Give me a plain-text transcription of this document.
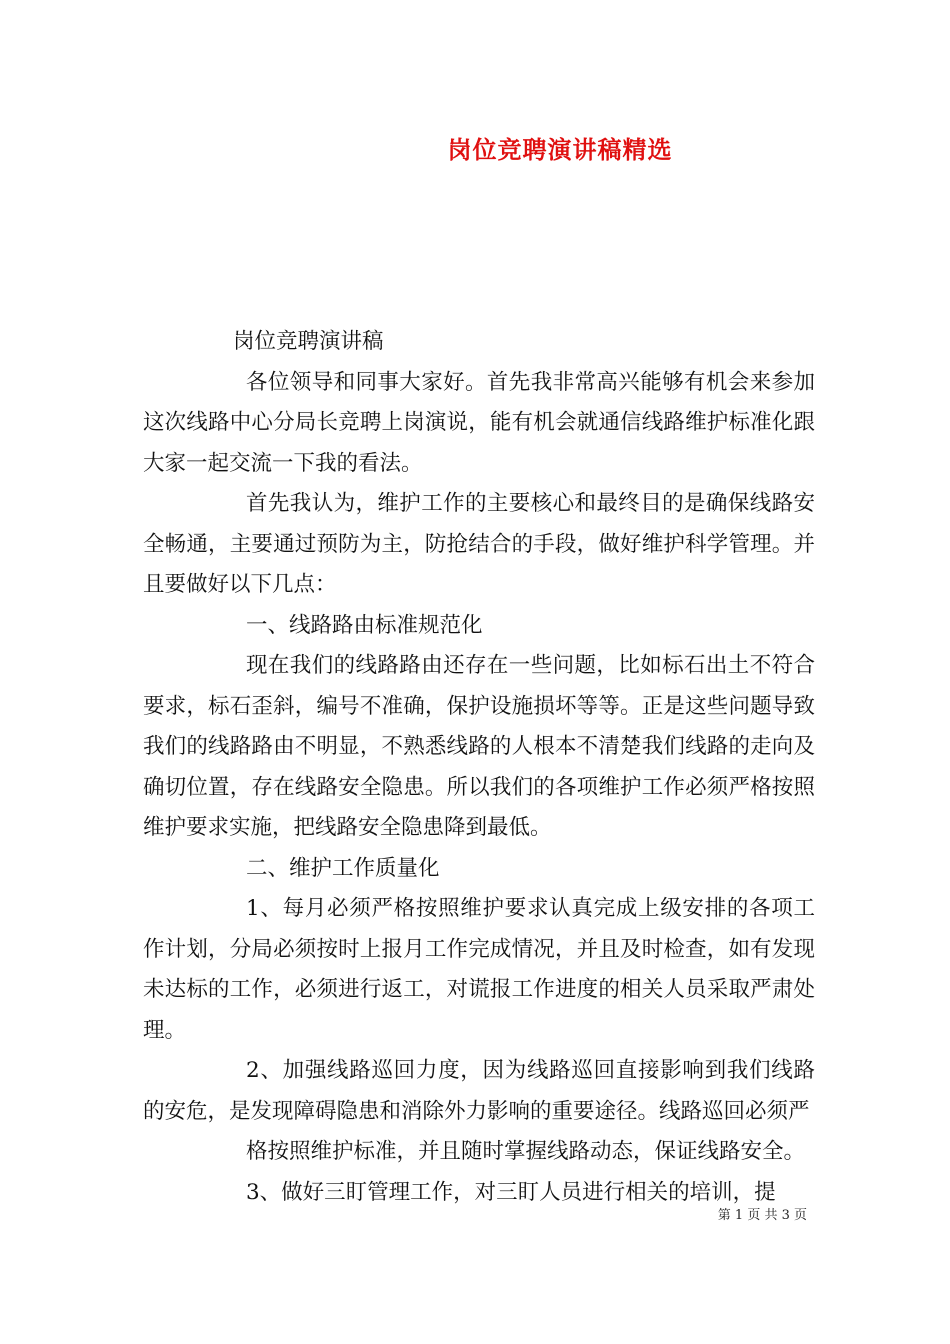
岗位竞聘演讲稿精选

岗位竞聘演讲稿

各位领导和同事大家好。首先我非常高兴能够有机会来参加这次线路中心分局长竞聘上岗演说，能有机会就通信线路维护标准化跟大家一起交流一下我的看法。

首先我认为，维护工作的主要核心和最终目的是确保线路安全畅通，主要通过预防为主，防抢结合的手段，做好维护科学管理。并且要做好以下几点：

一、线路路由标准规范化

现在我们的线路路由还存在一些问题，比如标石出土不符合要求，标石歪斜，编号不准确，保护设施损坏等等。正是这些问题导致我们的线路路由不明显，不熟悉线路的人根本不清楚我们线路的走向及确切位置，存在线路安全隐患。所以我们的各项维护工作必须严格按照维护要求实施，把线路安全隐患降到最低。

二、维护工作质量化

1、每月必须严格按照维护要求认真完成上级安排的各项工作计划，分局必须按时上报月工作完成情况，并且及时检查，如有发现未达标的工作，必须进行返工，对谎报工作进度的相关人员采取严肃处理。

2、加强线路巡回力度，因为线路巡回直接影响到我们线路的安危，是发现障碍隐患和消除外力影响的重要途径。线路巡回必须严

格按照维护标准，并且随时掌握线路动态，保证线路安全。

3、做好三盯管理工作，对三盯人员进行相关的培训，提

第 1 页 共 3 页
